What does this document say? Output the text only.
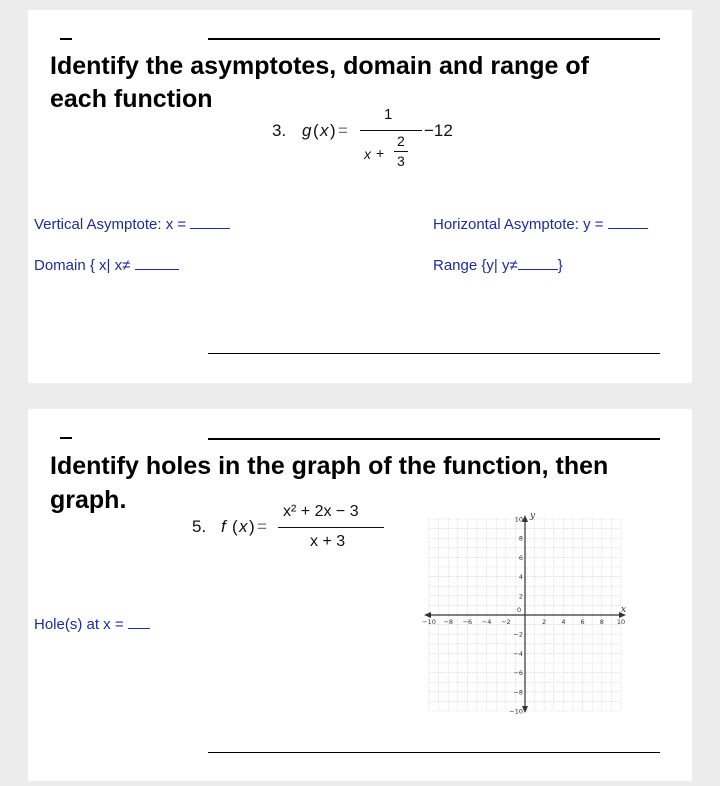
Identify the asymptotes, domain and range of
each function
3. g ( x ) =
1
x +
2
3
−12
Vertical Asymptote: x =	Horizontal Asymptote: y =
Domain { x| x≠	Range {y| y≠	}
Identify holes in the graph of the function, then
graph.
5. f ( x ) =
x² + 2x − 3
x + 3
Hole(s) at x =
x
y
0
−10 −8 −6 −4 −2	2 4 6 8 10
10
8
6
4
2
−2
−4
−6
−8
−10
